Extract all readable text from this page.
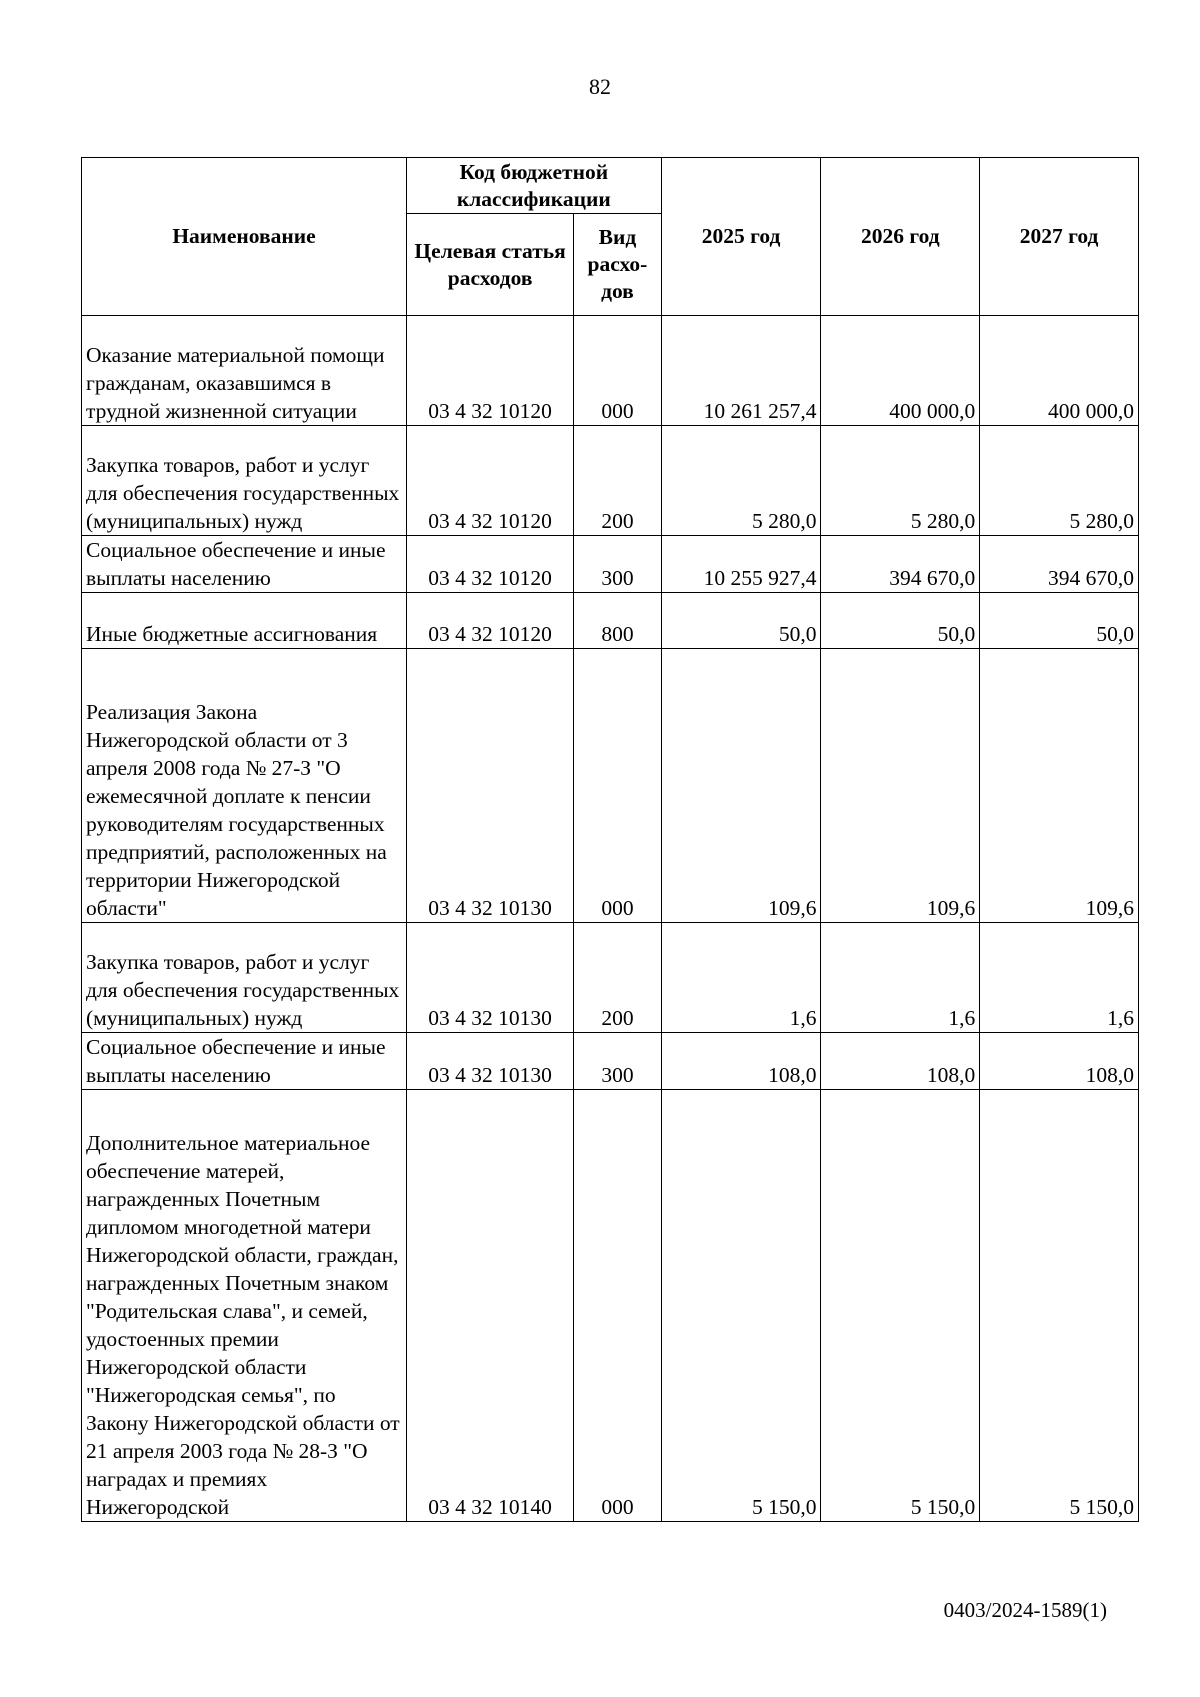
82
Наименование	Код бюджетной классификации		2025 год	2026 год	2027 год
	Целевая статья расходов	Вид расхо-дов			
Оказание материальной помощи гражданам, оказавшимся в трудной жизненной ситуации	03 4 32 10120	000	10 261 257,4	400 000,0	400 000,0
Закупка товаров, работ и услуг для обеспечения государственных (муниципальных) нужд	03 4 32 10120	200	5 280,0	5 280,0	5 280,0
Социальное обеспечение и иные выплаты населению	03 4 32 10120	300	10 255 927,4	394 670,0	394 670,0
Иные бюджетные ассигнования	03 4 32 10120	800	50,0	50,0	50,0
Реализация Закона Нижегородской области от 3 апреля 2008 года № 27-З "О ежемесячной доплате к пенсии руководителям государственных предприятий, расположенных на территории Нижегородской области"	03 4 32 10130	000	109,6	109,6	109,6
Закупка товаров, работ и услуг для обеспечения государственных (муниципальных) нужд	03 4 32 10130	200	1,6	1,6	1,6
Социальное обеспечение и иные выплаты населению	03 4 32 10130	300	108,0	108,0	108,0
Дополнительное материальное обеспечение матерей, награжденных Почетным дипломом многодетной матери Нижегородской области, граждан, награжденных Почетным знаком "Родительская слава", и семей, удостоенных премии Нижегородской области "Нижегородская семья", по Закону Нижегородской области от 21 апреля 2003 года № 28-З "О наградах и премиях Нижегородской	03 4 32 10140	000	5 150,0	5 150,0	5 150,0
0403/2024-1589(1)
